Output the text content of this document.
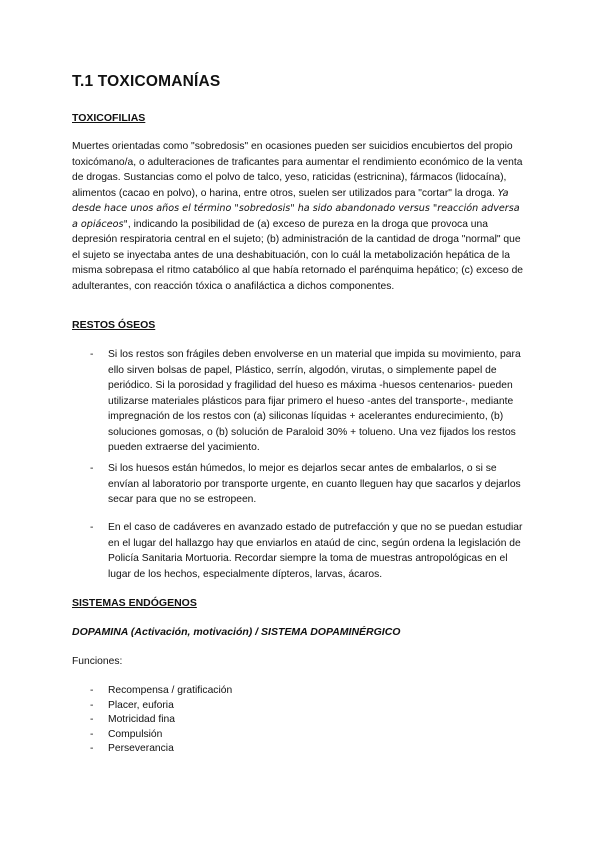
T.1 TOXICOMANÍAS
TOXICOFILIAS

Muertes orientadas como "sobredosis" en ocasiones pueden ser suicidios encubiertos del propio toxicómano/a, o adulteraciones de traficantes para aumentar el rendimiento económico de la venta de drogas. Sustancias como el polvo de talco, yeso, raticidas (estricnina), fármacos (lidocaína), alimentos (cacao en polvo), o harina, entre otros, suelen ser utilizados para "cortar" la droga. Ya desde hace unos años el término "sobredosis" ha sido abandonado versus "reacción adversa a opiáceos", indicando la posibilidad de (a) exceso de pureza en la droga que provoca una depresión respiratoria central en el sujeto; (b) administración de la cantidad de droga "normal" que el sujeto se inyectaba antes de una deshabituación, con lo cuál la metabolización hepática de la misma sobrepasa el ritmo catabólico al que había retornado el parénquima hepático; (c) exceso de adulterantes, con reacción tóxica o anafiláctica a dichos componentes.

RESTOS ÓSEOS
- Si los restos son frágiles deben envolverse en un material que impida su movimiento, para ello sirven bolsas de papel, Plástico, serrín, algodón, virutas, o simplemente papel de periódico. Si la porosidad y fragilidad del hueso es máxima -huesos centenarios- pueden utilizarse materiales plásticos para fijar primero el hueso -antes del transporte-, mediante impregnación de los restos con (a) siliconas líquidas + acelerantes endurecimiento, (b) soluciones gomosas, o (b) solución de Paraloid 30% + tolueno. Una vez fijados los restos pueden extraerse del yacimiento.
- Si los huesos están húmedos, lo mejor es dejarlos secar antes de embalarlos, o si se envían al laboratorio por transporte urgente, en cuanto lleguen hay que sacarlos y dejarlos secar para que no se estropeen.
- En el caso de cadáveres en avanzado estado de putrefacción y que no se puedan estudiar en el lugar del hallazgo hay que enviarlos en ataúd de cinc, según ordena la legislación de Policía Sanitaria Mortuoria. Recordar siempre la toma de muestras antropológicas en el lugar de los hechos, especialmente dípteros, larvas, ácaros.
SISTEMAS ENDÓGENOS
DOPAMINA (Activación, motivación) / SISTEMA DOPAMINÉRGICO

Funciones:

- Recompensa / gratificación
- Placer, euforia
- Motricidad fina
- Compulsión
- Perseverancia
